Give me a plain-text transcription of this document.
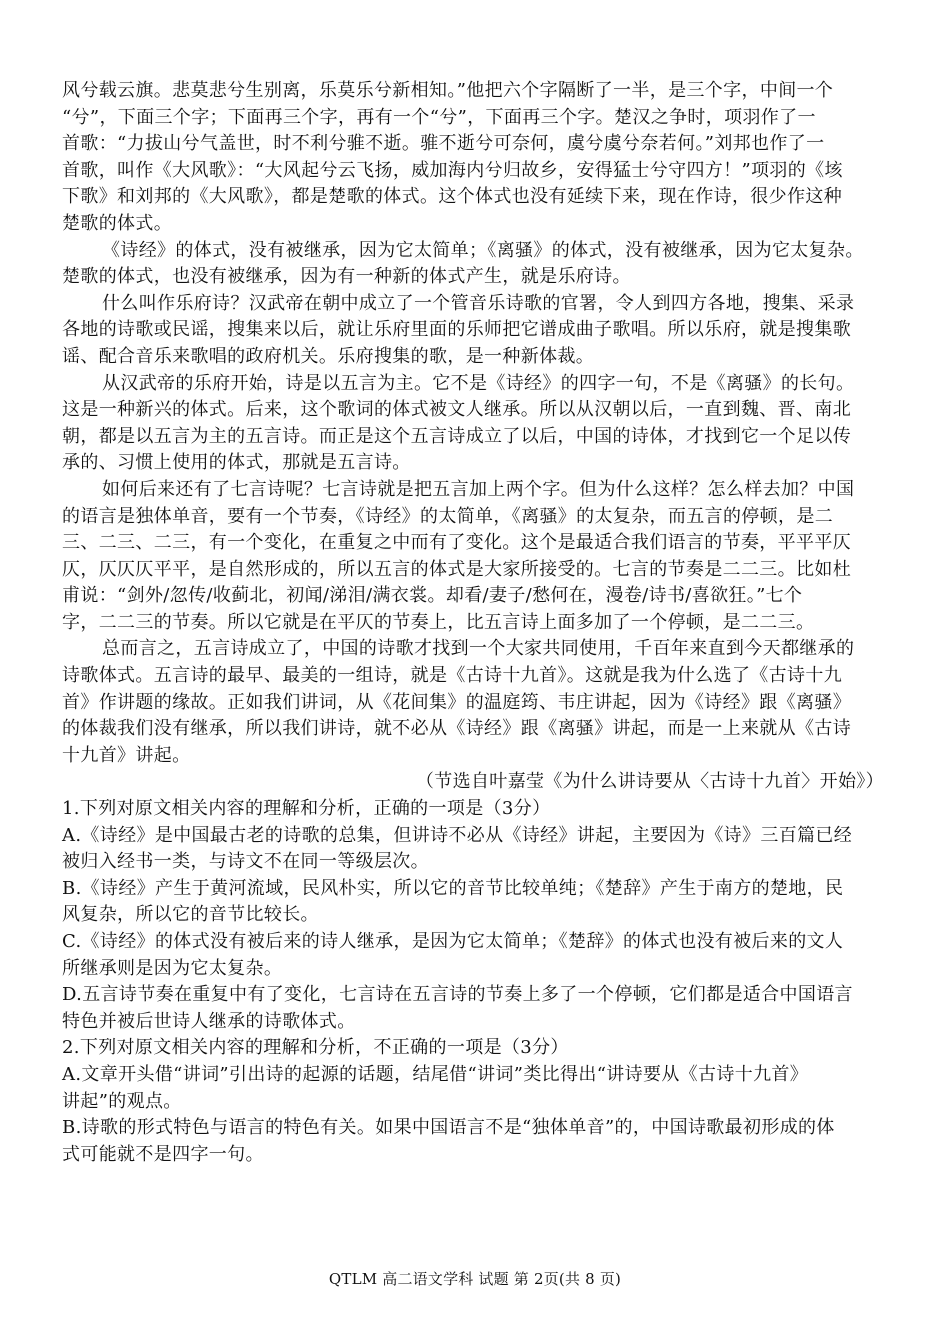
风兮载云旗。悲莫悲兮生别离，乐莫乐兮新相知。”他把六个字隔断了一半，是三个字，中间一个
“兮”，下面三个字；下面再三个字，再有一个“兮”，下面再三个字。楚汉之争时，项羽作了一
首歌：“力拔山兮气盖世，时不利兮骓不逝。骓不逝兮可奈何，虞兮虞兮奈若何。”刘邦也作了一
首歌，叫作《大风歌》：“大风起兮云飞扬，威加海内兮归故乡，安得猛士兮守四方！”项羽的《垓
下歌》和刘邦的《大风歌》，都是楚歌的体式。这个体式也没有延续下来，现在作诗，很少作这种
楚歌的体式。
《诗经》的体式，没有被继承，因为它太简单；《离骚》的体式，没有被继承，因为它太复杂。
楚歌的体式，也没有被继承，因为有一种新的体式产生，就是乐府诗。
什么叫作乐府诗？汉武帝在朝中成立了一个管音乐诗歌的官署，令人到四方各地，搜集、采录
各地的诗歌或民谣，搜集来以后，就让乐府里面的乐师把它谱成曲子歌唱。所以乐府，就是搜集歌
谣、配合音乐来歌唱的政府机关。乐府搜集的歌，是一种新体裁。
从汉武帝的乐府开始，诗是以五言为主。它不是《诗经》的四字一句，不是《离骚》的长句。
这是一种新兴的体式。后来，这个歌词的体式被文人继承。所以从汉朝以后，一直到魏、晋、南北
朝，都是以五言为主的五言诗。而正是这个五言诗成立了以后，中国的诗体，才找到它一个足以传
承的、习惯上使用的体式，那就是五言诗。
如何后来还有了七言诗呢？七言诗就是把五言加上两个字。但为什么这样？怎么样去加？中国
的语言是独体单音，要有一个节奏，《诗经》的太简单，《离骚》的太复杂，而五言的停顿，是二
三、二三、二三，有一个变化，在重复之中而有了变化。这个是最适合我们语言的节奏，平平平仄
仄，仄仄仄平平，是自然形成的，所以五言的体式是大家所接受的。七言的节奏是二二三。比如杜
甫说：“剑外/忽传/收蓟北，初闻/涕泪/满衣裳。却看/妻子/愁何在，漫卷/诗书/喜欲狂。”七个
字，二二三的节奏。所以它就是在平仄的节奏上，比五言诗上面多加了一个停顿，是二二三。
总而言之，五言诗成立了，中国的诗歌才找到一个大家共同使用，千百年来直到今天都继承的
诗歌体式。五言诗的最早、最美的一组诗，就是《古诗十九首》。这就是我为什么选了《古诗十九
首》作讲题的缘故。正如我们讲词，从《花间集》的温庭筠、韦庄讲起，因为《诗经》跟《离骚》
的体裁我们没有继承，所以我们讲诗，就不必从《诗经》跟《离骚》讲起，而是一上来就从《古诗
十九首》讲起。
（节选自叶嘉莹《为什么讲诗要从〈古诗十九首〉开始》）
1.下列对原文相关内容的理解和分析，正确的一项是（3分）
A.《诗经》是中国最古老的诗歌的总集，但讲诗不必从《诗经》讲起，主要因为《诗》三百篇已经
被归入经书一类，与诗文不在同一等级层次。
B.《诗经》产生于黄河流域，民风朴实，所以它的音节比较单纯；《楚辞》产生于南方的楚地，民
风复杂，所以它的音节比较长。
C.《诗经》的体式没有被后来的诗人继承，是因为它太简单；《楚辞》的体式也没有被后来的文人
所继承则是因为它太复杂。
D.五言诗节奏在重复中有了变化，七言诗在五言诗的节奏上多了一个停顿，它们都是适合中国语言
特色并被后世诗人继承的诗歌体式。
2.下列对原文相关内容的理解和分析，不正确的一项是（3分）
A.文章开头借“讲词”引出诗的起源的话题，结尾借“讲词”类比得出“讲诗要从《古诗十九首》
讲起”的观点。
B.诗歌的形式特色与语言的特色有关。如果中国语言不是“独体单音”的，中国诗歌最初形成的体
式可能就不是四字一句。
QTLM 高二语文学科 试题 第 2页(共 8 页)
